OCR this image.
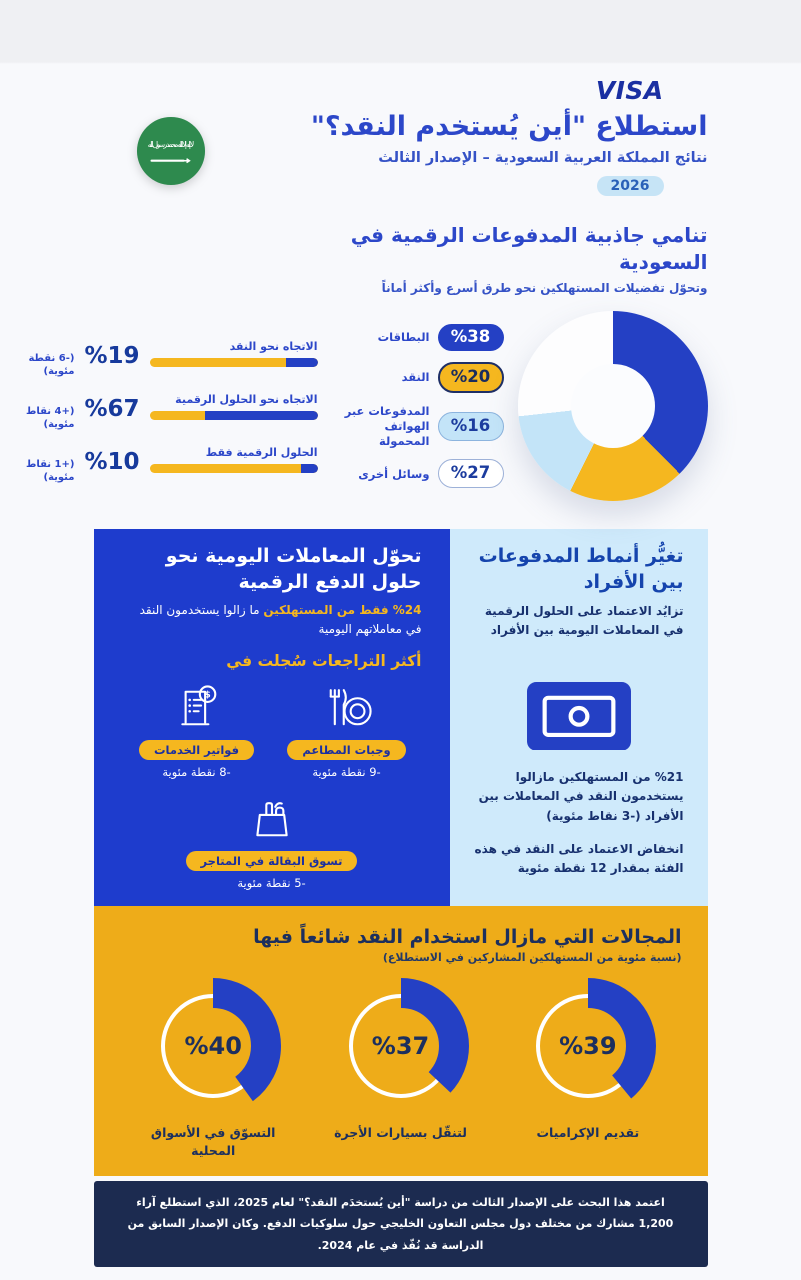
VISA
لا إله إلا الله محمد رسول الله
استطلاع "أين يُستخدم النقد؟"
نتائج المملكة العربية السعودية – الإصدار الثالث
2026
تنامي جاذبية المدفوعات الرقمية في السعودية
وتحوّل تفضيلات المستهلكين نحو طرق أسرع وأكثر أماناً
%38
البطاقات
%20
النقد
%16
المدفوعات عبر الهواتف المحمولة
%27
وسائل أخرى
الاتجاه نحو النقد
%19
(-6 نقطة مئوية)
الاتجاه نحو الحلول الرقمية
%67
(+4 نقاط مئوية)
الحلول الرقمية فقط
%10
(+1 نقاط مئوية)
تغيُّر أنماط المدفوعات بين الأفراد
تزايُد الاعتماد على الحلول الرقمية في المعاملات اليومية بين الأفراد

%21 من المستهلكين مازالوا يستخدمون النقد في المعاملات بين الأفراد (-3 نقاط مئوية)

انخفاض الاعتماد على النقد في هذه الفئة بمقدار 12 نقطة مئوية

تحوّل المعاملات اليومية نحو حلول الدفع الرقمية
%24 فقط من المستهلكين ما زالوا يستخدمون النقد في معاملاتهم اليومية
أكثر التراجعات سُجلت في
وجبات المطاعم
-9 نقطة مئوية
$
فواتير الخدمات
-8 نقطة مئوية
تسوق البقالة في المتاجر
-5 نقطة مئوية
المجالات التي مازال استخدام النقد شائعاً فيها
(نسبة مئوية من المستهلكين المشاركين في الاستطلاع)
%39
تقديم الإكراميات
%37
لتنقّل بسيارات الأجرة
%40
التسوّق في الأسواق المحلية
اعتمد هذا البحث على الإصدار الثالث من دراسة "أين يُستخدَم النقد؟" لعام 2025، الذي استطلع آراء 1,200 مشارك من مختلف دول مجلس التعاون الخليجي حول سلوكيات الدفع. وكان الإصدار السابق من الدراسة قد نُفّذ في عام 2024.
